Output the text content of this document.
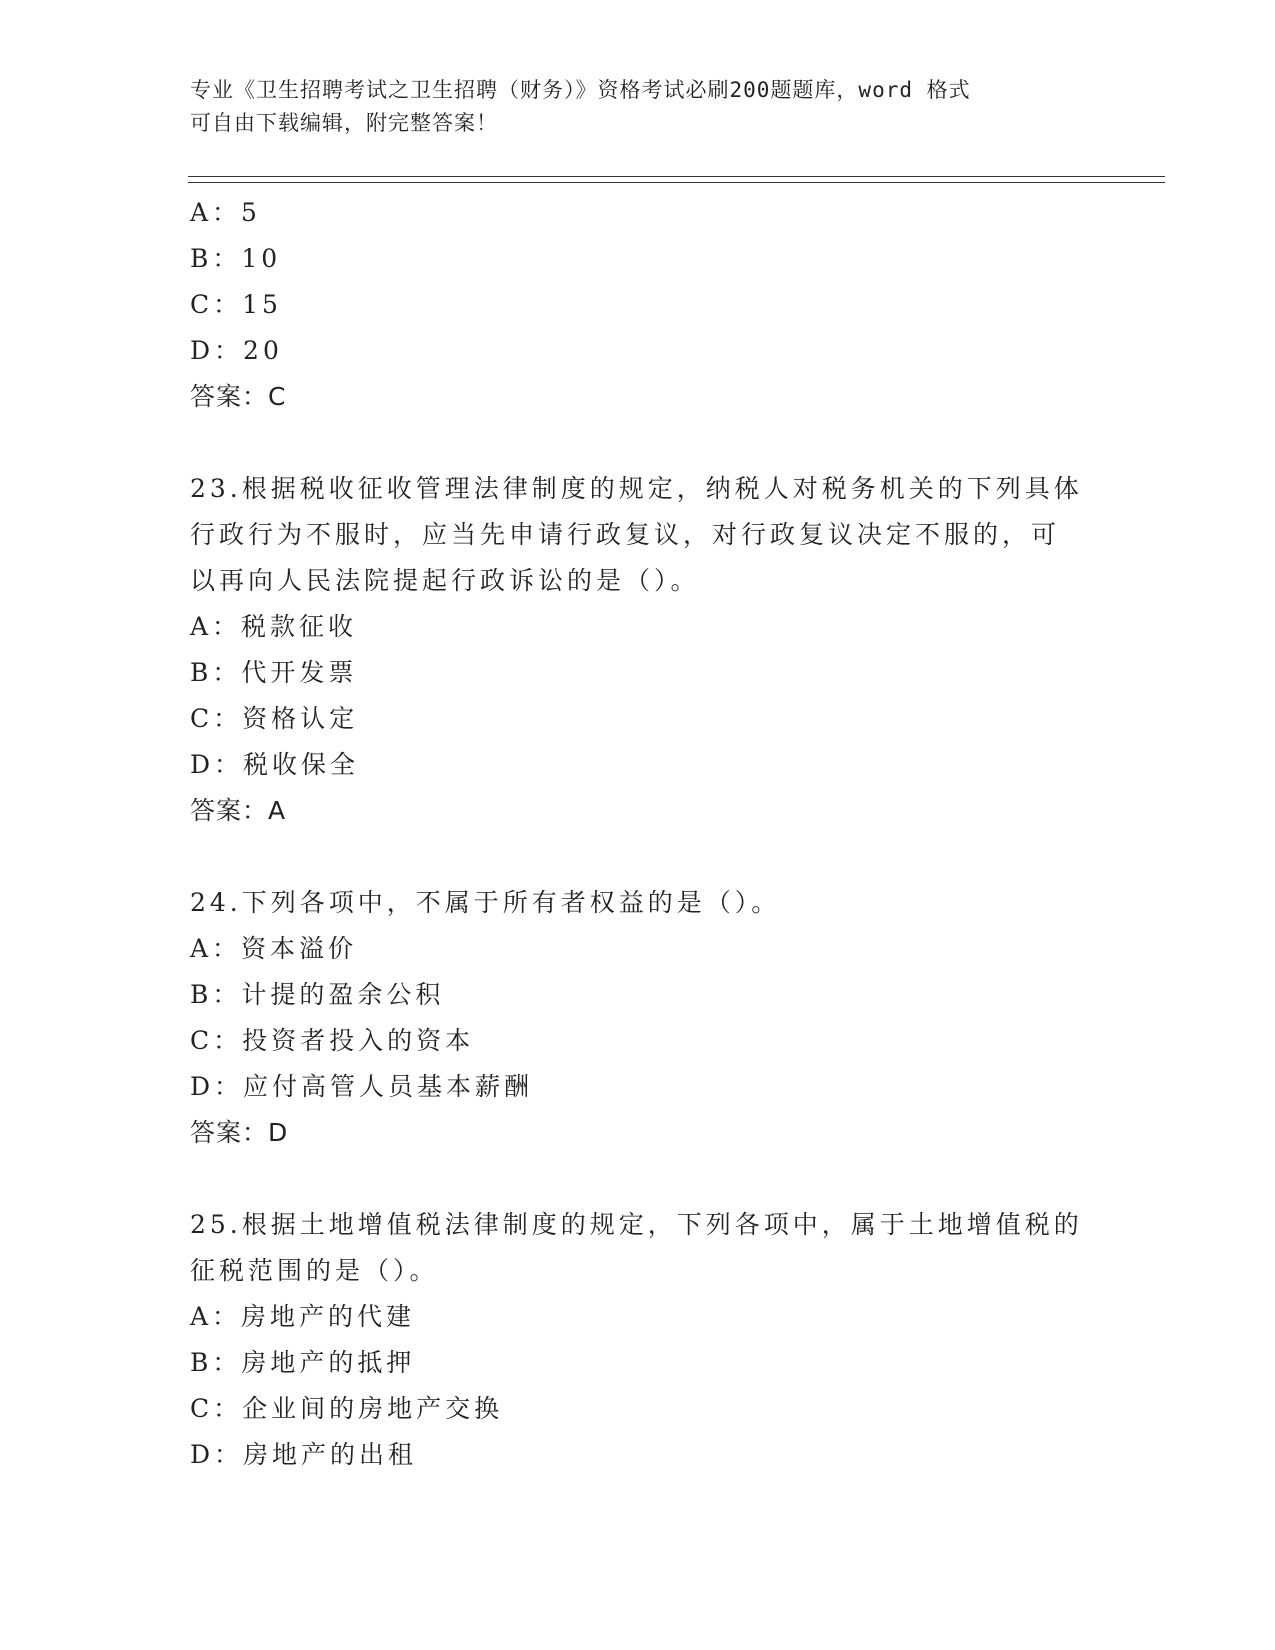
专业《卫生招聘考试之卫生招聘（财务）》资格考试必刷200题题库，word 格式
可自由下载编辑，附完整答案！

A：5

B：10

C：15

D：20

答案：C

23.根据税收征收管理法律制度的规定，纳税人对税务机关的下列具体

行政行为不服时，应当先申请行政复议，对行政复议决定不服的，可

以再向人民法院提起行政诉讼的是（）。

A：税款征收

B：代开发票

C：资格认定

D：税收保全

答案：A

24.下列各项中，不属于所有者权益的是（）。

A：资本溢价

B：计提的盈余公积

C：投资者投入的资本

D：应付高管人员基本薪酬

答案：D

25.根据土地增值税法律制度的规定，下列各项中，属于土地增值税的

征税范围的是（）。

A：房地产的代建

B：房地产的抵押

C：企业间的房地产交换

D：房地产的出租
